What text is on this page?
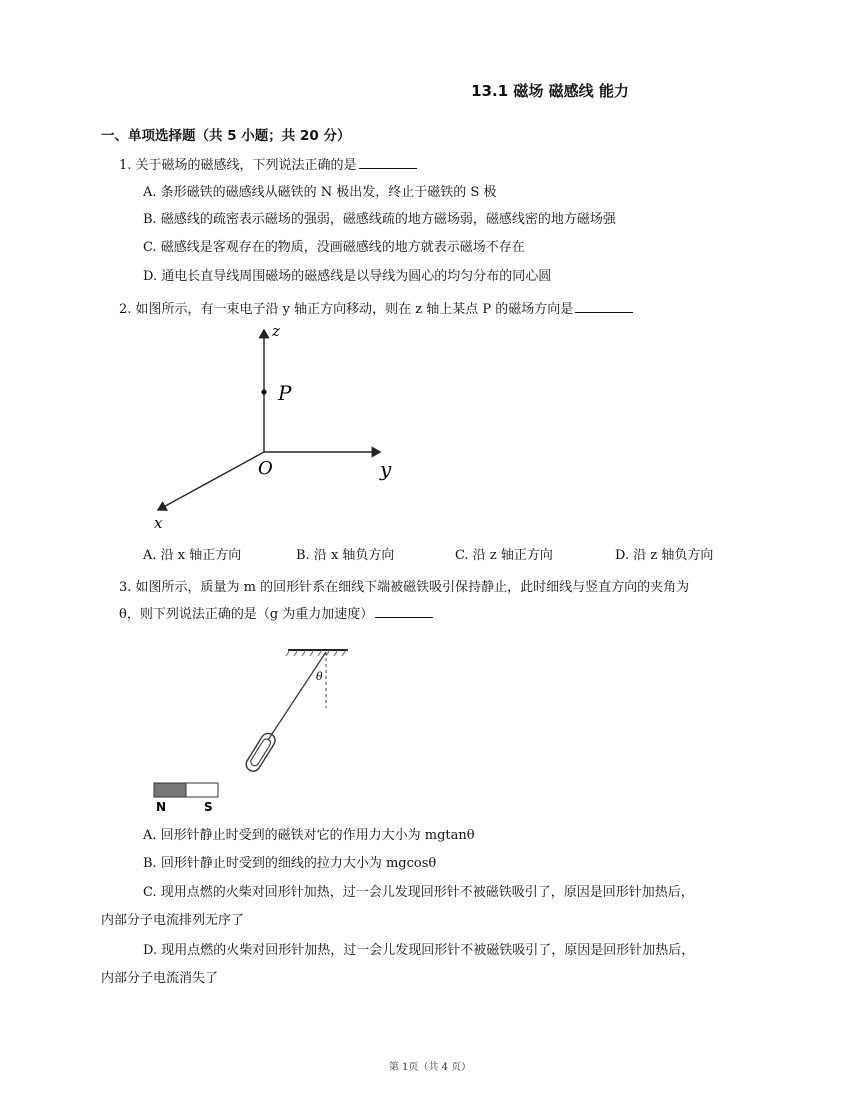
13.1 磁场 磁感线 能力
一、单项选择题（共 5 小题；共 20 分）
1. 关于磁场的磁感线，下列说法正确的是
A. 条形磁铁的磁感线从磁铁的 N 极出发，终止于磁铁的 S 极
B. 磁感线的疏密表示磁场的强弱，磁感线疏的地方磁场弱，磁感线密的地方磁场强
C. 磁感线是客观存在的物质，没画磁感线的地方就表示磁场不存在
D. 通电长直导线周围磁场的磁感线是以导线为圆心的均匀分布的同心圆
2. 如图所示，有一束电子沿 y 轴正方向移动，则在 z 轴上某点 P 的磁场方向是
z
P
O	y
x
A. 沿 x 轴正方向	B. 沿 x 轴负方向	C. 沿 z 轴正方向	D. 沿 z 轴负方向
3. 如图所示，质量为 m 的回形针系在细线下端被磁铁吸引保持静止，此时细线与竖直方向的夹角为
θ，则下列说法正确的是（g 为重力加速度）
θ
N	S
A. 回形针静止时受到的磁铁对它的作用力大小为 mgtanθ
B. 回形针静止时受到的细线的拉力大小为 mgcosθ
C. 现用点燃的火柴对回形针加热，过一会儿发现回形针不被磁铁吸引了，原因是回形针加热后，
内部分子电流排列无序了
D. 现用点燃的火柴对回形针加热，过一会儿发现回形针不被磁铁吸引了，原因是回形针加热后，
内部分子电流消失了
第 1页（共 4 页）
